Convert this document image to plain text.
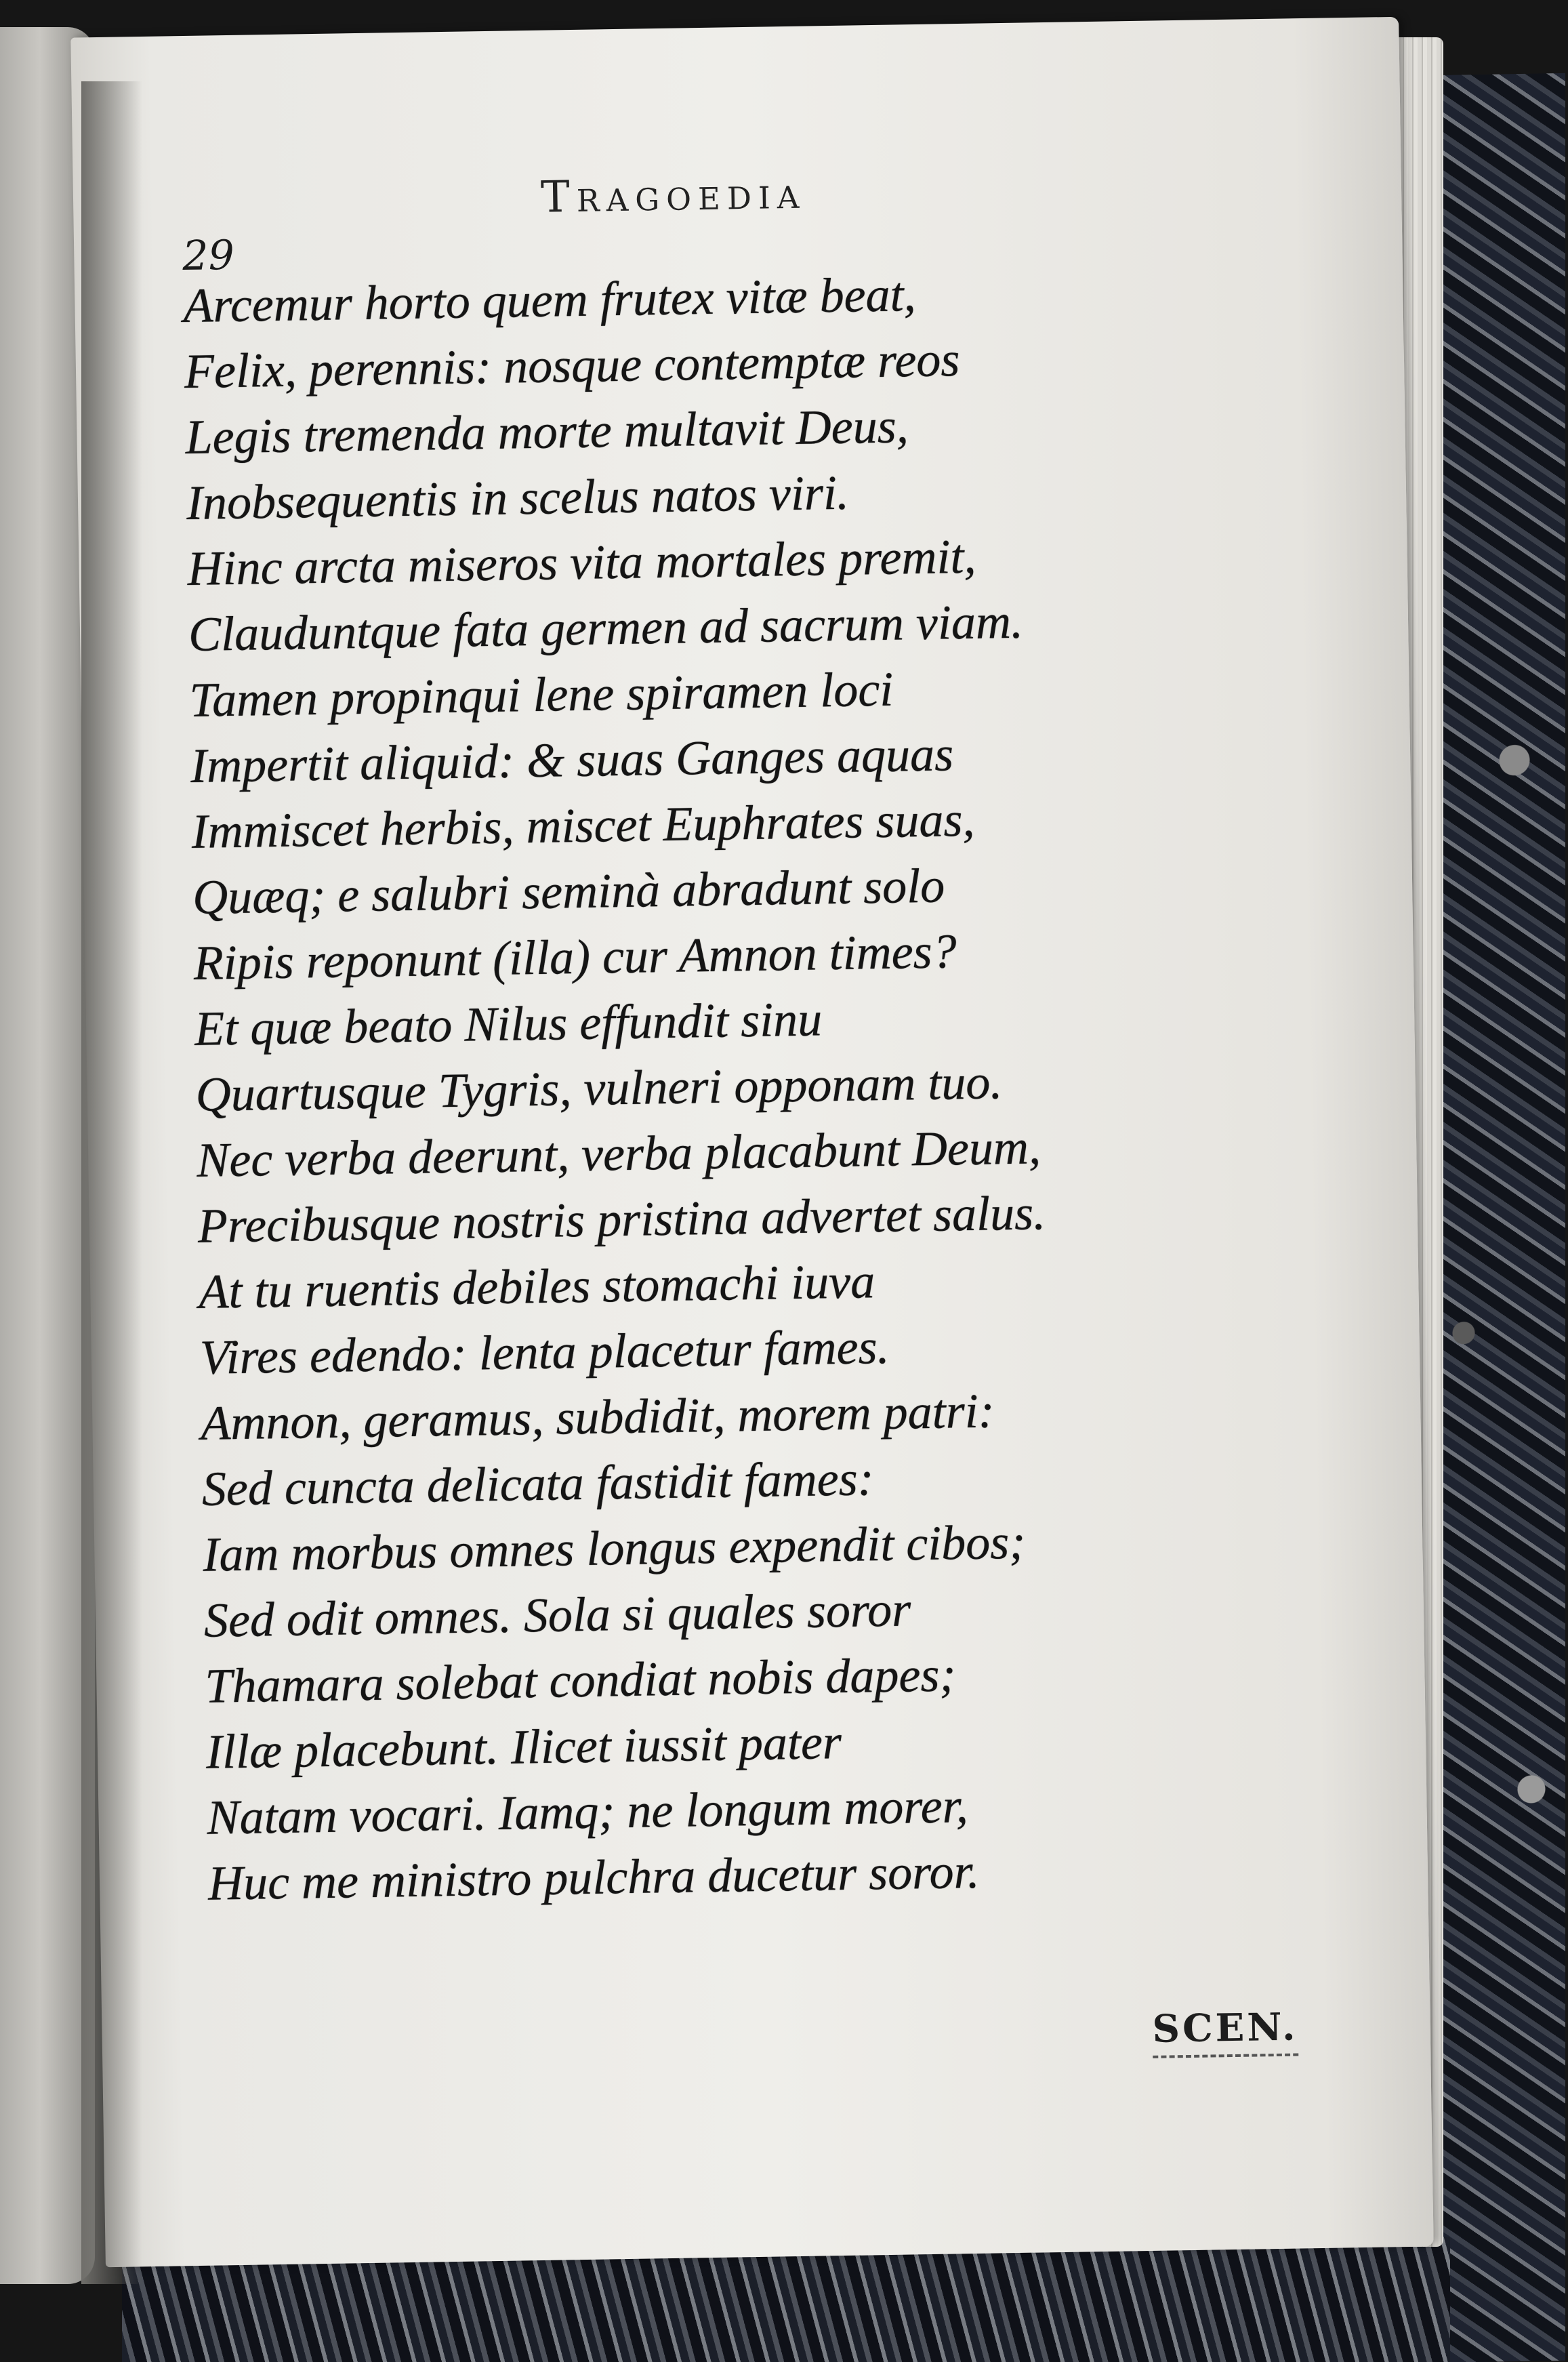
Tragoedia
29
Arcemur horto quem frutex vitæ beat,
Felix, perennis: nosque contemptæ reos
Legis tremenda morte multavit Deus,
Inobsequentis in scelus natos viri.
Hinc arcta miseros vita mortales premit,
Clauduntque fata germen ad sacrum viam.
Tamen propinqui lene spiramen loci
Impertit aliquid: & suas Ganges aquas
Immiscet herbis, miscet Euphrates suas,
Quæq; e salubri seminà abradunt solo
Ripis reponunt (illa) cur Amnon times?
Et quæ beato Nilus effundit sinu
Quartusque Tygris, vulneri opponam tuo.
Nec verba deerunt, verba placabunt Deum,
Precibusque nostris pristina advertet salus.
At tu ruentis debiles stomachi iuva
Vires edendo: lenta placetur fames.
Amnon, geramus, subdidit, morem patri:
Sed cuncta delicata fastidit fames:
Iam morbus omnes longus expendit cibos;
Sed odit omnes. Sola si quales soror
Thamara solebat condiat nobis dapes;
Illæ placebunt. Ilicet iussit pater
Natam vocari. Iamq; ne longum morer,
Huc me ministro pulchra ducetur soror.
SCEN.
